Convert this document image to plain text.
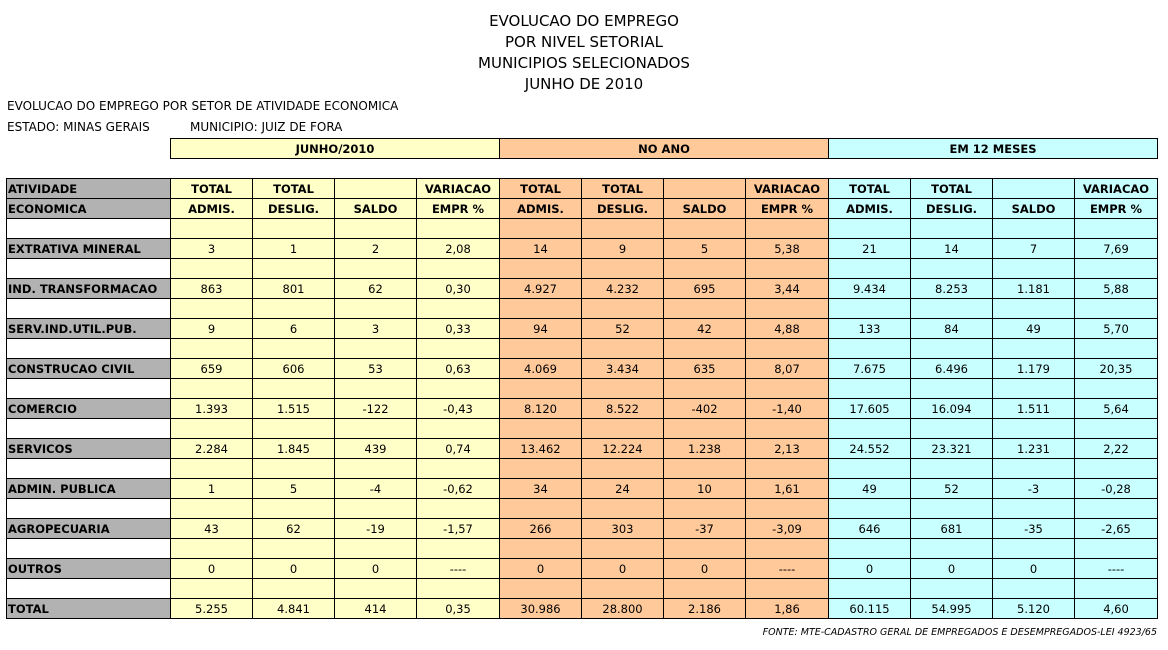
EVOLUCAO DO EMPREGO
POR NIVEL SETORIAL
MUNICIPIOS SELECIONADOS
JUNHO DE 2010
EVOLUCAO DO EMPREGO POR SETOR DE ATIVIDADE ECONOMICA
ESTADO: MINAS GERAIS	MUNICIPIO: JUIZ DE FORA
JUNHO/2010	NO ANO	EM 12 MESES
ATIVIDADE	TOTAL	TOTAL		VARIACAO	TOTAL	TOTAL		VARIACAO	TOTAL	TOTAL		VARIACAO
ECONOMICA	ADMIS.	DESLIG.	SALDO	EMPR %	ADMIS.	DESLIG.	SALDO	EMPR %	ADMIS.	DESLIG.	SALDO	EMPR %

EXTRATIVA MINERAL	3	1	2	2,08	14	9	5	5,38	21	14	7	7,69

IND. TRANSFORMACAO	863	801	62	0,30	4.927	4.232	695	3,44	9.434	8.253	1.181	5,88

SERV.IND.UTIL.PUB.	9	6	3	0,33	94	52	42	4,88	133	84	49	5,70

CONSTRUCAO CIVIL	659	606	53	0,63	4.069	3.434	635	8,07	7.675	6.496	1.179	20,35

COMERCIO	1.393	1.515	-122	-0,43	8.120	8.522	-402	-1,40	17.605	16.094	1.511	5,64

SERVICOS	2.284	1.845	439	0,74	13.462	12.224	1.238	2,13	24.552	23.321	1.231	2,22

ADMIN. PUBLICA	1	5	-4	-0,62	34	24	10	1,61	49	52	-3	-0,28

AGROPECUARIA	43	62	-19	-1,57	266	303	-37	-3,09	646	681	-35	-2,65

OUTROS	0	0	0	----	0	0	0	----	0	0	0	----

TOTAL	5.255	4.841	414	0,35	30.986	28.800	2.186	1,86	60.115	54.995	5.120	4,60
FONTE: MTE-CADASTRO GERAL DE EMPREGADOS E DESEMPREGADOS-LEI 4923/65
